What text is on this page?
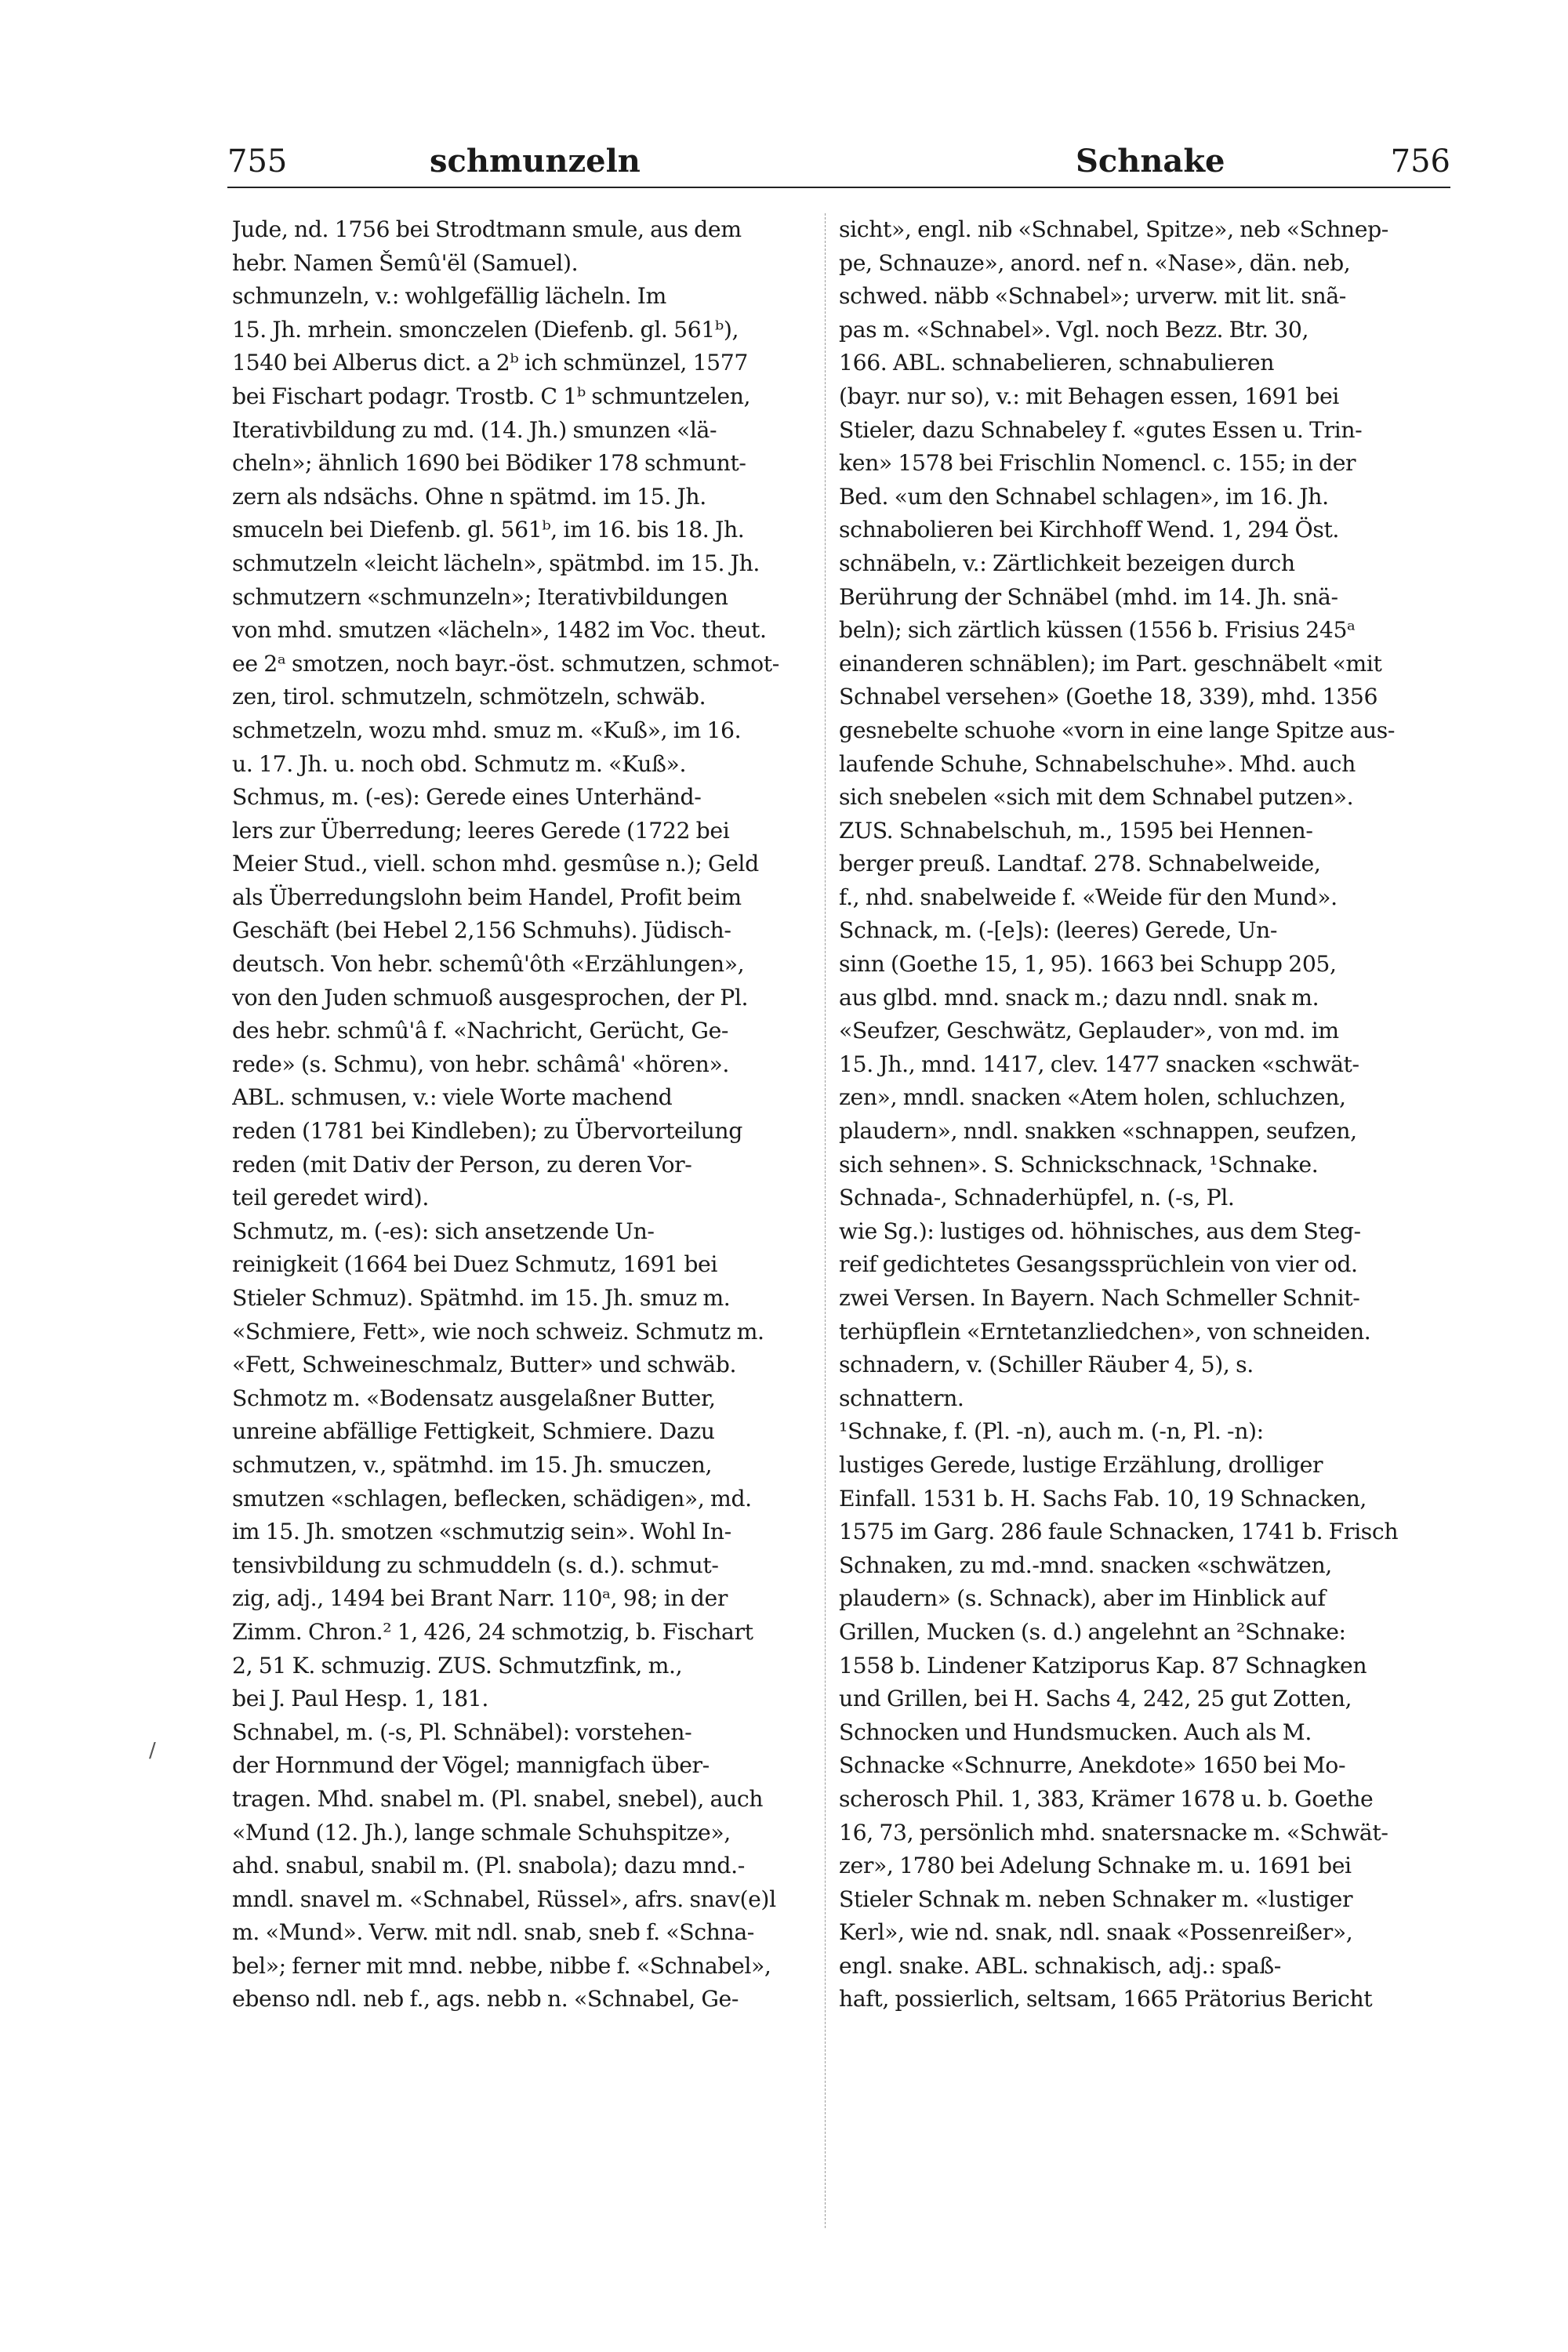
755	schmunzeln	Schnake	756
Jude, nd. 1756 bei Strodtmann smule, aus dem
hebr. Namen Šemû'ël (Samuel).
schmunzeln, v.: wohlgefällig lächeln. Im
15. Jh. mrhein. smonczelen (Diefenb. gl. 561ᵇ),
1540 bei Alberus dict. a 2ᵇ ich schmünzel, 1577
bei Fischart podagr. Trostb. C 1ᵇ schmuntzelen,
Iterativbildung zu md. (14. Jh.) smunzen «lä-
cheln»; ähnlich 1690 bei Bödiker 178 schmunt-
zern als ndsächs. Ohne n spätmd. im 15. Jh.
smuceln bei Diefenb. gl. 561ᵇ, im 16. bis 18. Jh.
schmutzeln «leicht lächeln», spätmbd. im 15. Jh.
schmutzern «schmunzeln»; Iterativbildungen
von mhd. smutzen «lächeln», 1482 im Voc. theut.
ee 2ᵃ smotzen, noch bayr.-öst. schmutzen, schmot-
zen, tirol. schmutzeln, schmötzeln, schwäb.
schmetzeln, wozu mhd. smuz m. «Kuß», im 16.
u. 17. Jh. u. noch obd. Schmutz m. «Kuß».
Schmus, m. (-es): Gerede eines Unterhänd-
lers zur Überredung; leeres Gerede (1722 bei
Meier Stud., viell. schon mhd. gesmûse n.); Geld
als Überredungslohn beim Handel, Profit beim
Geschäft (bei Hebel 2,156 Schmuhs). Jüdisch-
deutsch. Von hebr. schemû'ôth «Erzählungen»,
von den Juden schmuoß ausgesprochen, der Pl.
des hebr. schmû'â f. «Nachricht, Gerücht, Ge-
rede» (s. Schmu), von hebr. schâmâ' «hören».
ABL. schmusen, v.: viele Worte machend
reden (1781 bei Kindleben); zu Übervorteilung
reden (mit Dativ der Person, zu deren Vor-
teil geredet wird).
Schmutz, m. (-es): sich ansetzende Un-
reinigkeit (1664 bei Duez Schmutz, 1691 bei
Stieler Schmuz). Spätmhd. im 15. Jh. smuz m.
«Schmiere, Fett», wie noch schweiz. Schmutz m.
«Fett, Schweineschmalz, Butter» und schwäb.
Schmotz m. «Bodensatz ausgelaßner Butter,
unreine abfällige Fettigkeit, Schmiere. Dazu
schmutzen, v., spätmhd. im 15. Jh. smuczen,
smutzen «schlagen, beflecken, schädigen», md.
im 15. Jh. smotzen «schmutzig sein». Wohl In-
tensivbildung zu schmuddeln (s. d.). schmut-
zig, adj., 1494 bei Brant Narr. 110ᵃ, 98; in der
Zimm. Chron.² 1, 426, 24 schmotzig, b. Fischart
2, 51 K. schmuzig. ZUS. Schmutzfink, m.,
bei J. Paul Hesp. 1, 181.
Schnabel, m. (-s, Pl. Schnäbel): vorstehen-
der Hornmund der Vögel; mannigfach über-
tragen. Mhd. snabel m. (Pl. snabel, snebel), auch
«Mund (12. Jh.), lange schmale Schuhspitze»,
ahd. snabul, snabil m. (Pl. snabola); dazu mnd.-
mndl. snavel m. «Schnabel, Rüssel», afrs. snav(e)l
m. «Mund». Verw. mit ndl. snab, sneb f. «Schna-
bel»; ferner mit mnd. nebbe, nibbe f. «Schnabel»,
ebenso ndl. neb f., ags. nebb n. «Schnabel, Ge-
sicht», engl. nib «Schnabel, Spitze», neb «Schnep-
pe, Schnauze», anord. nef n. «Nase», dän. neb,
schwed. näbb «Schnabel»; urverw. mit lit. snã-
pas m. «Schnabel». Vgl. noch Bezz. Btr. 30,
166. ABL. schnabelieren, schnabulieren
(bayr. nur so), v.: mit Behagen essen, 1691 bei
Stieler, dazu Schnabeley f. «gutes Essen u. Trin-
ken» 1578 bei Frischlin Nomencl. c. 155; in der
Bed. «um den Schnabel schlagen», im 16. Jh.
schnabolieren bei Kirchhoff Wend. 1, 294 Öst.
schnäbeln, v.: Zärtlichkeit bezeigen durch
Berührung der Schnäbel (mhd. im 14. Jh. snä-
beln); sich zärtlich küssen (1556 b. Frisius 245ᵃ
einanderen schnäblen); im Part. geschnäbelt «mit
Schnabel versehen» (Goethe 18, 339), mhd. 1356
gesnebelte schuohe «vorn in eine lange Spitze aus-
laufende Schuhe, Schnabelschuhe». Mhd. auch
sich snebelen «sich mit dem Schnabel putzen».
ZUS. Schnabelschuh, m., 1595 bei Hennen-
berger preuß. Landtaf. 278. Schnabelweide,
f., nhd. snabelweide f. «Weide für den Mund».
Schnack, m. (-[e]s): (leeres) Gerede, Un-
sinn (Goethe 15, 1, 95). 1663 bei Schupp 205,
aus glbd. mnd. snack m.; dazu nndl. snak m.
«Seufzer, Geschwätz, Geplauder», von md. im
15. Jh., mnd. 1417, clev. 1477 snacken «schwät-
zen», mndl. snacken «Atem holen, schluchzen,
plaudern», nndl. snakken «schnappen, seufzen,
sich sehnen». S. Schnickschnack, ¹Schnake.
Schnada-, Schnaderhüpfel, n. (-s, Pl.
wie Sg.): lustiges od. höhnisches, aus dem Steg-
reif gedichtetes Gesangssprüchlein von vier od.
zwei Versen. In Bayern. Nach Schmeller Schnit-
terhüpflein «Erntetanzliedchen», von schneiden.
schnadern, v. (Schiller Räuber 4, 5), s.
schnattern.
¹Schnake, f. (Pl. -n), auch m. (-n, Pl. -n):
lustiges Gerede, lustige Erzählung, drolliger
Einfall. 1531 b. H. Sachs Fab. 10, 19 Schnacken,
1575 im Garg. 286 faule Schnacken, 1741 b. Frisch
Schnaken, zu md.-mnd. snacken «schwätzen,
plaudern» (s. Schnack), aber im Hinblick auf
Grillen, Mucken (s. d.) angelehnt an ²Schnake:
1558 b. Lindener Katziporus Kap. 87 Schnagken
und Grillen, bei H. Sachs 4, 242, 25 gut Zotten,
Schnocken und Hundsmucken. Auch als M.
Schnacke «Schnurre, Anekdote» 1650 bei Mo-
scherosch Phil. 1, 383, Krämer 1678 u. b. Goethe
16, 73, persönlich mhd. snatersnacke m. «Schwät-
zer», 1780 bei Adelung Schnake m. u. 1691 bei
Stieler Schnak m. neben Schnaker m. «lustiger
Kerl», wie nd. snak, ndl. snaak «Possenreißer»,
engl. snake. ABL. schnakisch, adj.: spaß-
haft, possierlich, seltsam, 1665 Prätorius Bericht
/
